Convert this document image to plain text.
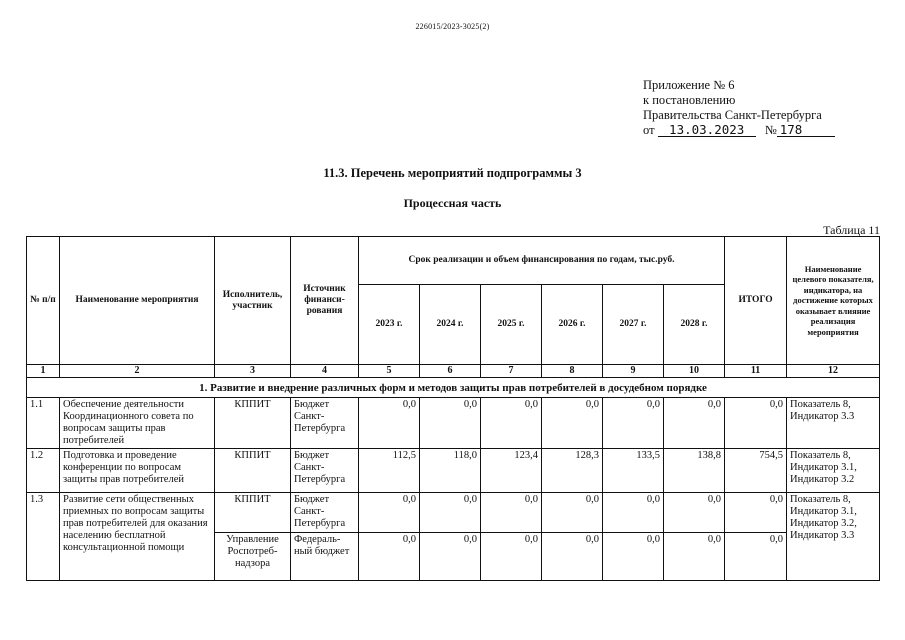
226015/2023-3025(2)
Приложение № 6
к постановлению
Правительства Санкт-Петербурга
от 13.03.2023 № 178
11.3. Перечень мероприятий подпрограммы 3
Процессная часть
Таблица 11
№ п/п	Наименование мероприятия	Исполнитель, участник	Источник финанси-рования	Срок реализации и объем финансирования по годам, тыс.руб.						ИТОГО	Наименование целевого показателя, индикатора, на достижение которых оказывает влияние реализация мероприятия
				2023 г.	2024 г.	2025 г.	2026 г.	2027 г.	2028 г.		
1	2	3	4	5	6	7	8	9	10	11	12
1. Развитие и внедрение различных форм и методов защиты прав потребителей в досудебном порядке											
1.1	Обеспечение деятельности Координационного совета по вопросам защиты прав потребителей	КППИТ	Бюджет Санкт-Петербурга	0,0	0,0	0,0	0,0	0,0	0,0	0,0	Показатель 8, Индикатор 3.3
1.2	Подготовка и проведение конференции по вопросам защиты прав потребителей	КППИТ	Бюджет Санкт-Петербурга	112,5	118,0	123,4	128,3	133,5	138,8	754,5	Показатель 8, Индикатор 3.1, Индикатор 3.2
1.3	Развитие сети общественных приемных по вопросам защиты прав потребителей для оказания населению бесплатной консультационной помощи	КППИТ	Бюджет Санкт-Петербурга	0,0	0,0	0,0	0,0	0,0	0,0	0,0	Показатель 8, Индикатор 3.1, Индикатор 3.2, Индикатор 3.3
		Управление Роспотреб-надзора	Федераль-ный бюджет	0,0	0,0	0,0	0,0	0,0	0,0	0,0	
